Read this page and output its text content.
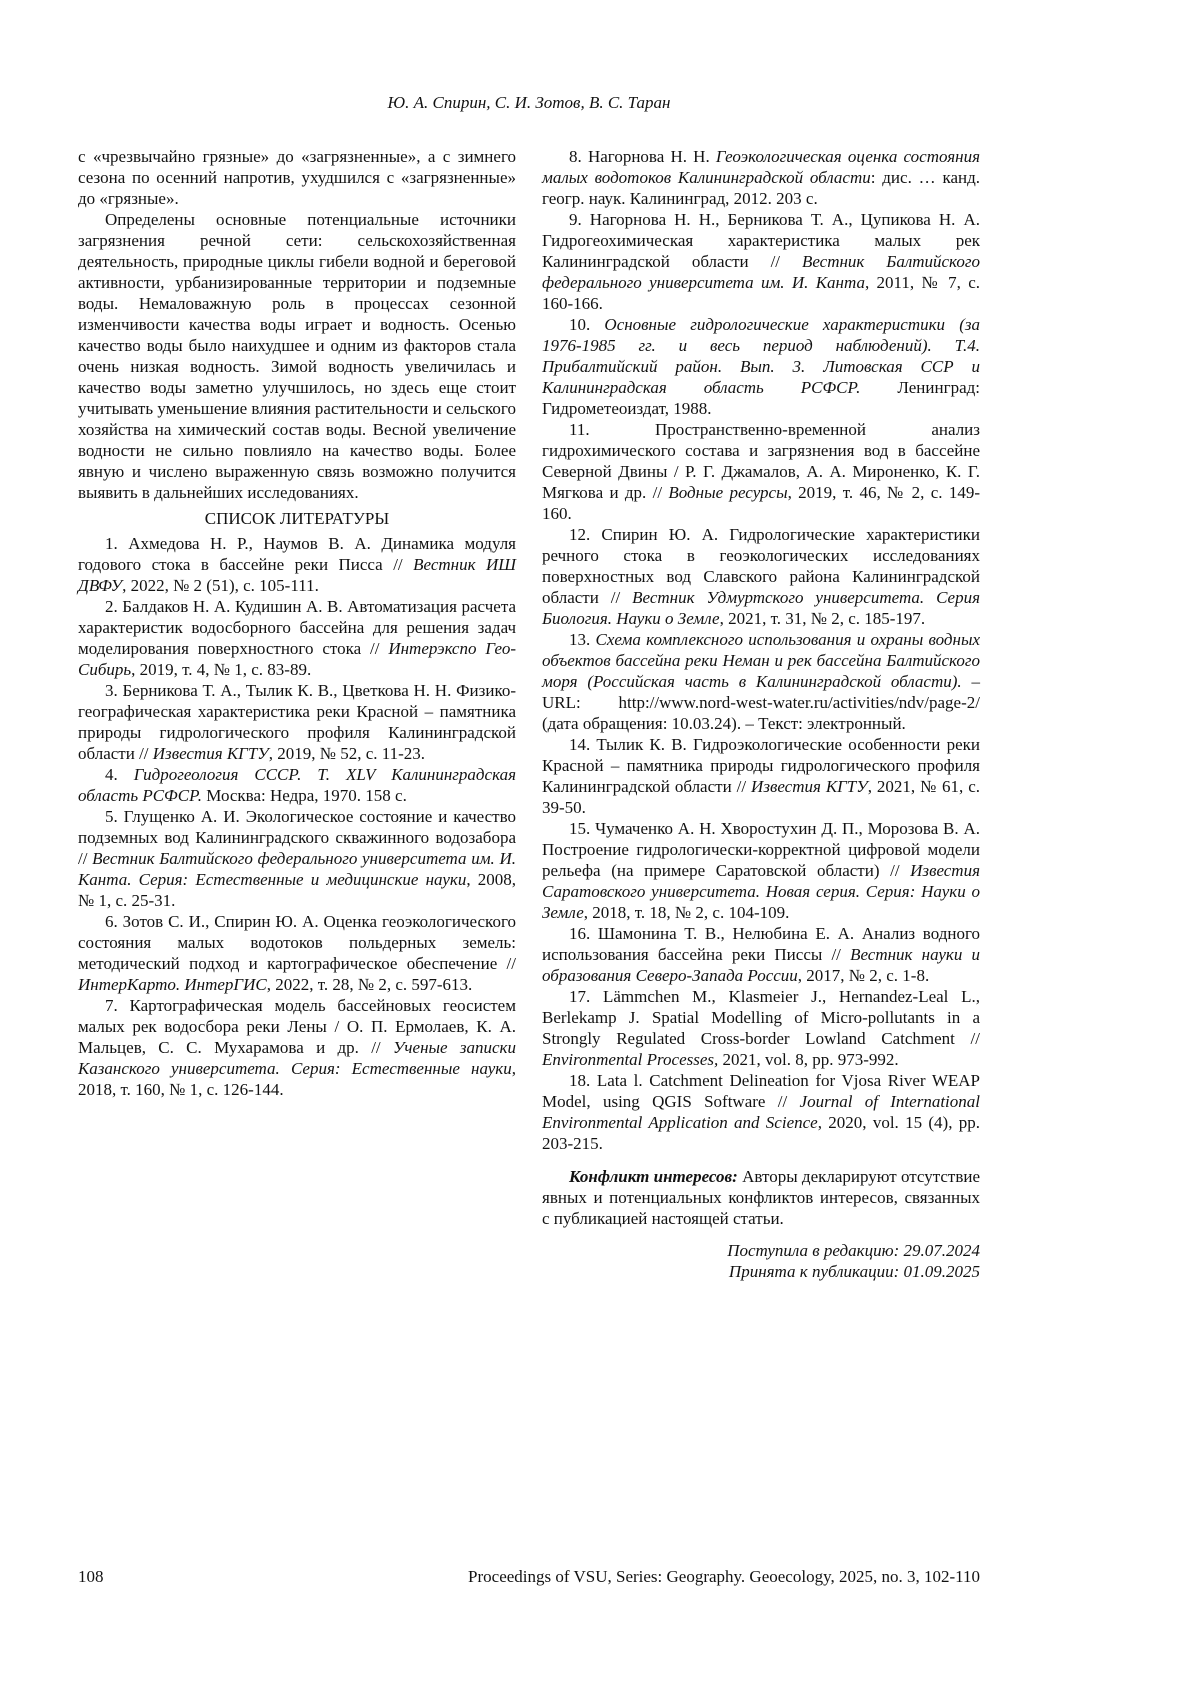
Ю. А. Спирин, С. И. Зотов, В. С. Таран

с «чрезвычайно грязные» до «загрязненные», а с зимнего сезона по осенний напротив, ухудшился с «загрязненные» до «грязные».

Определены основные потенциальные источники загрязнения речной сети: сельскохозяйственная деятельность, природные циклы гибели водной и береговой активности, урбанизированные территории и подземные воды. Немаловажную роль в процессах сезонной изменчивости качества воды играет и водность. Осенью качество воды было наихудшее и одним из факторов стала очень низкая водность. Зимой водность увеличилась и качество воды заметно улучшилось, но здесь еще стоит учитывать уменьшение влияния растительности и сельского хозяйства на химический состав воды. Весной увеличение водности не сильно повлияло на качество воды. Более явную и числено выраженную связь возможно получится выявить в дальнейших исследованиях.

СПИСОК ЛИТЕРАТУРЫ

1. Ахмедова Н. Р., Наумов В. А. Динамика модуля годового стока в бассейне реки Писса // Вестник ИШ ДВФУ, 2022, № 2 (51), с. 105-111.

2. Балдаков Н. А. Кудишин А. В. Автоматизация расчета характеристик водосборного бассейна для решения задач моделирования поверхностного стока // Интерэкспо Гео-Сибирь, 2019, т. 4, № 1, с. 83-89.

3. Берникова Т. А., Тылик К. В., Цветкова Н. Н. Физико-географическая характеристика реки Красной – памятника природы гидрологического профиля Калининградской области // Известия КГТУ, 2019, № 52, с. 11-23.

4. Гидрогеология СССР. Т. XLV Калининградская область РСФСР. Москва: Недра, 1970. 158 с.

5. Глущенко А. И. Экологическое состояние и качество подземных вод Калининградского скважинного водозабора // Вестник Балтийского федерального университета им. И. Канта. Серия: Естественные и медицинские науки, 2008, № 1, с. 25-31.

6. Зотов С. И., Спирин Ю. А. Оценка геоэкологического состояния малых водотоков польдерных земель: методический подход и картографическое обеспечение // ИнтерКарто. ИнтерГИС, 2022, т. 28, № 2, с. 597-613.

7. Картографическая модель бассейновых геосистем малых рек водосбора реки Лены / О. П. Ермолаев, К. А. Мальцев, С. С. Мухарамова и др. // Ученые записки Казанского университета. Серия: Естественные науки, 2018, т. 160, № 1, с. 126-144.

8. Нагорнова Н. Н. Геоэкологическая оценка состояния малых водотоков Калининградской области: дис. … канд. геогр. наук. Калининград, 2012. 203 с.

9. Нагорнова Н. Н., Берникова Т. А., Цупикова Н. А. Гидрогеохимическая характеристика малых рек Калининградской области // Вестник Балтийского федерального университета им. И. Канта, 2011, № 7, с. 160-166.

10. Основные гидрологические характеристики (за 1976-1985 гг. и весь период наблюдений). Т.4. Прибалтийский район. Вып. 3. Литовская ССР и Калининградская область РСФСР. Ленинград: Гидрометеоиздат, 1988.

11. Пространственно-временной анализ гидрохимического состава и загрязнения вод в бассейне Северной Двины / Р. Г. Джамалов, А. А. Мироненко, К. Г. Мягкова и др. // Водные ресурсы, 2019, т. 46, № 2, с. 149-160.

12. Спирин Ю. А. Гидрологические характеристики речного стока в геоэкологических исследованиях поверхностных вод Славского района Калининградской области // Вестник Удмуртского университета. Серия Биология. Науки о Земле, 2021, т. 31, № 2, с. 185-197.

13. Схема комплексного использования и охраны водных объектов бассейна реки Неман и рек бассейна Балтийского моря (Российская часть в Калининградской области). – URL: http://www.nord-west-water.ru/activities/ndv/page-2/ (дата обращения: 10.03.24). – Текст: электронный.

14. Тылик К. В. Гидроэкологические особенности реки Красной – памятника природы гидрологического профиля Калининградской области // Известия КГТУ, 2021, № 61, с. 39-50.

15. Чумаченко А. Н. Хворостухин Д. П., Морозова В. А. Построение гидрологически-корректной цифровой модели рельефа (на примере Саратовской области) // Известия Саратовского университета. Новая серия. Серия: Науки о Земле, 2018, т. 18, № 2, с. 104-109.

16. Шамонина Т. В., Нелюбина Е. А. Анализ водного использования бассейна реки Писсы // Вестник науки и образования Северо-Запада России, 2017, № 2, с. 1-8.

17. Lämmchen M., Klasmeier J., Hernandez-Leal L., Berlekamp J. Spatial Modelling of Micro-pollutants in a Strongly Regulated Cross-border Lowland Catchment // Environmental Processes, 2021, vol. 8, pp. 973-992.

18. Lata l. Catchment Delineation for Vjosa River WEAP Model, using QGIS Software // Journal of International Environmental Application and Science, 2020, vol. 15 (4), pp. 203-215.

Конфликт интересов: Авторы декларируют отсутствие явных и потенциальных конфликтов интересов, связанных с публикацией настоящей статьи.

Поступила в редакцию: 29.07.2024

Принята к публикации: 01.09.2025

108	Proceedings of VSU, Series: Geography. Geoecology, 2025, no. 3, 102-110
